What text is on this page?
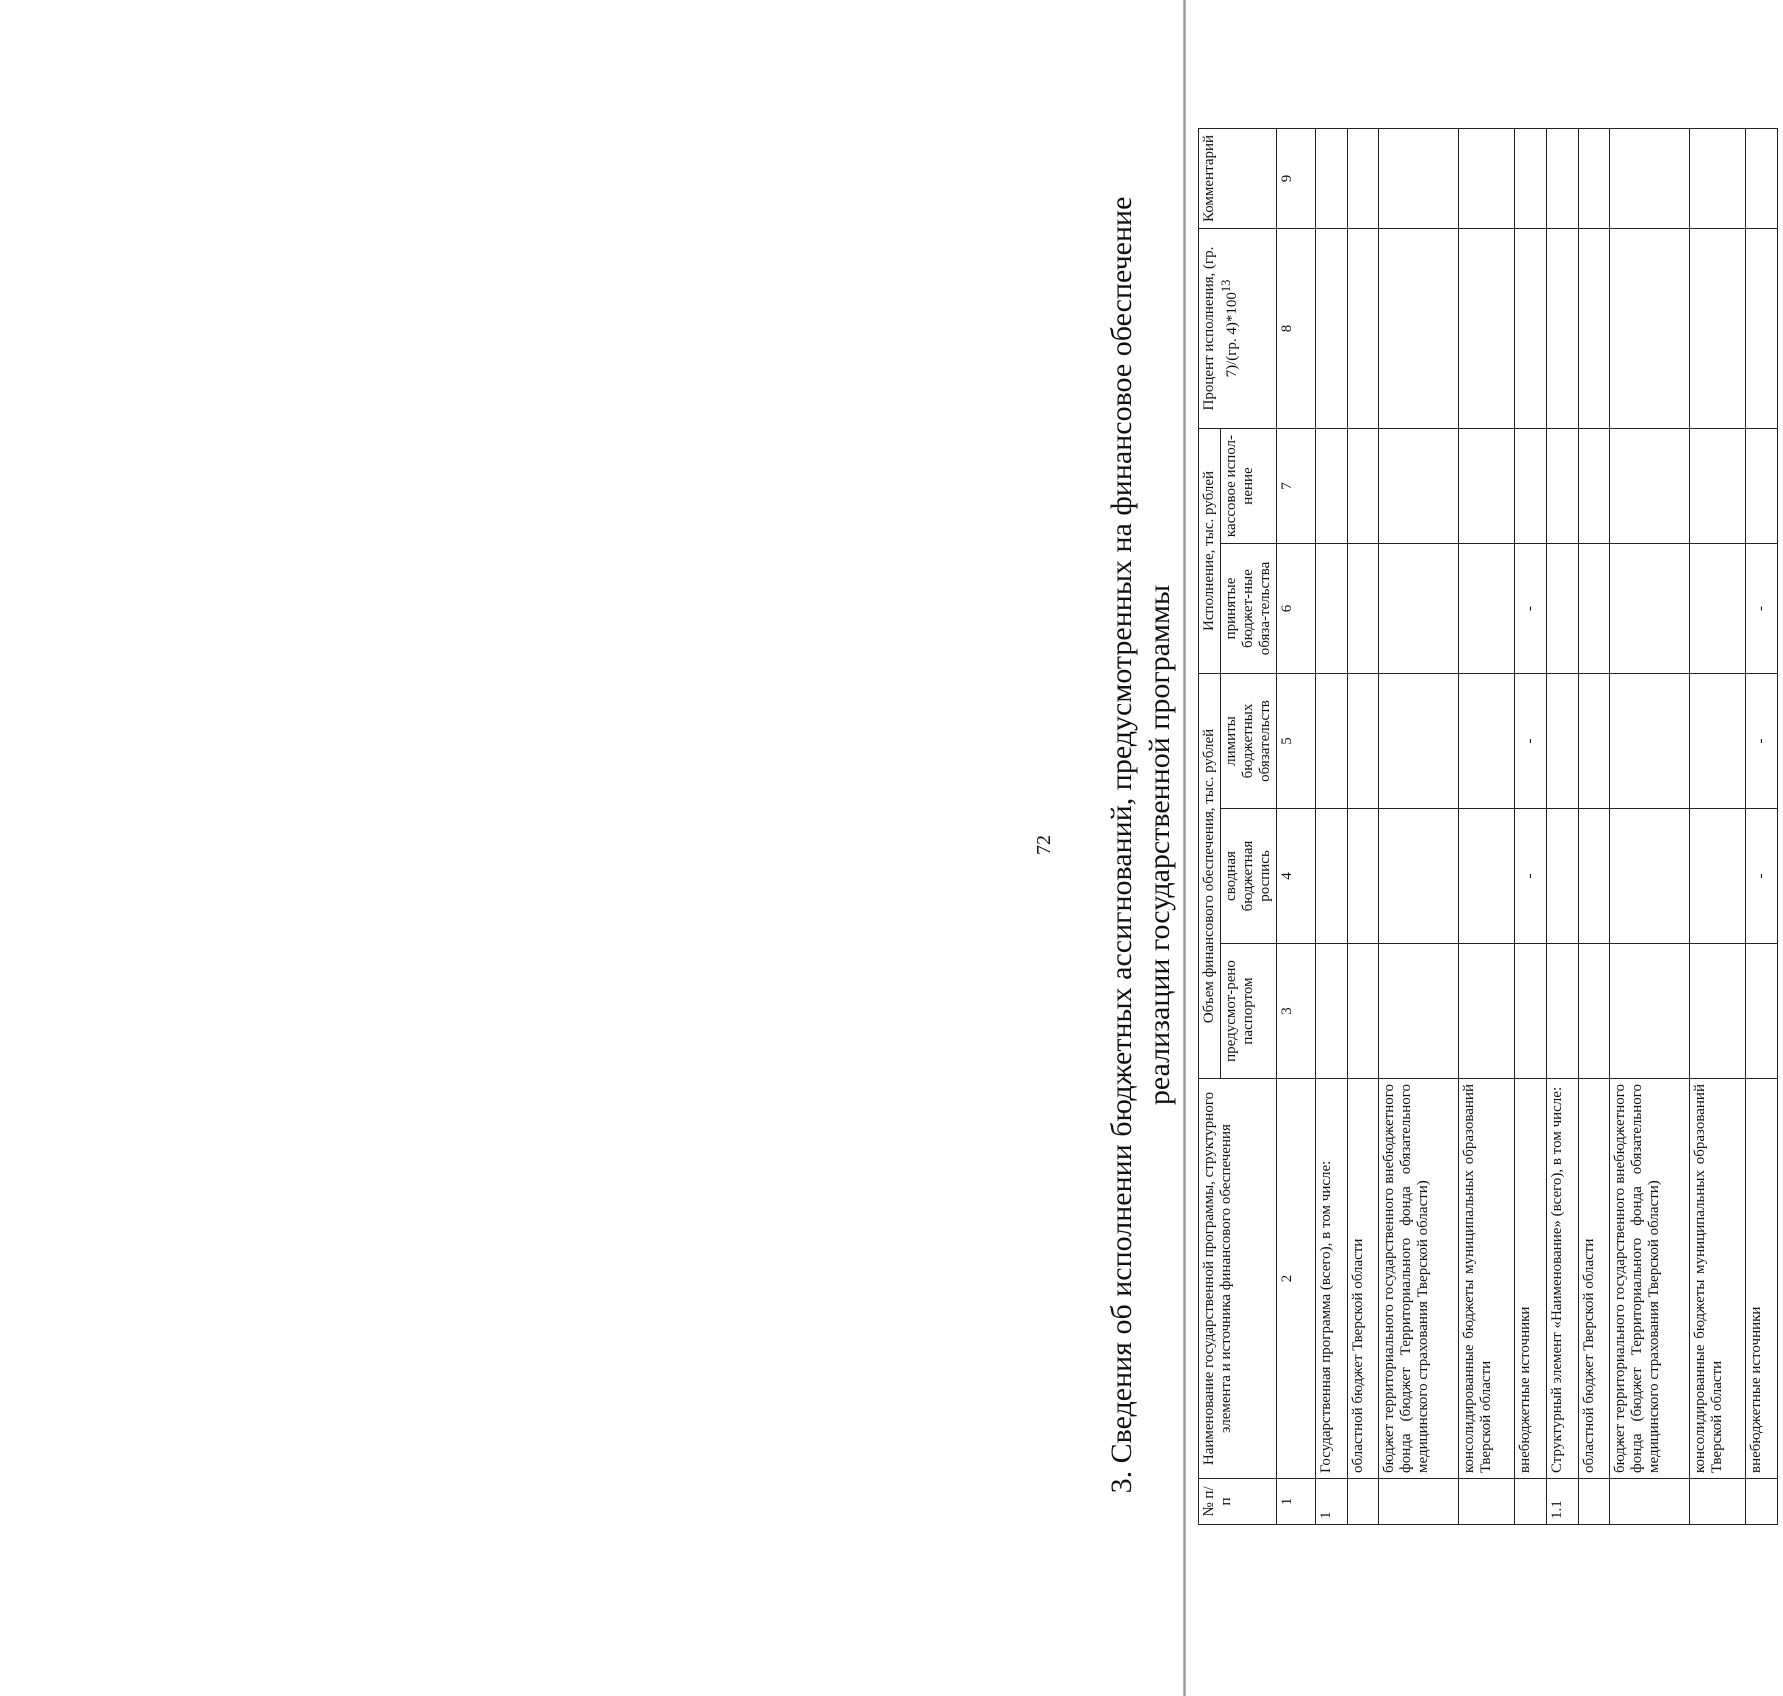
72 3. Сведения об исполнении бюджетных ассигнований, предусмотренных на финансовое обеспечение реализации государственной программы
№ п/п	Наименование государственной программы, структурного элемента и источника финансового обеспечения	Объем финансового обеспечения, тыс. рублей			Исполнение, тыс. рублей		Процент исполнения, (гр. 7)/(гр. $4)*100^{13}$	Комментарий
		предусмот-рено паспортом	сводная бюджетная роспись	лимиты бюджетных обязательств	принятые бюджет-ные обяза-тельства	кассовое испол-нение		
1	2	3	4	5	6	7	8	9
1	Государственная программа (всего), в том числе:							
	областной бюджет Тверской области							
	бюджет территориального государственного внебюджетного фонда (бюджет Территориального фонда обязательного медицинского страхования Тверской области)							
	консолидированные бюджеты муниципальных образований Тверской области							
	внебюджетные источники		-	-	-			
1.1	Структурный элемент «Наименование» (всего), в том числе:							
	областной бюджет Тверской области							
	бюджет территориального государственного внебюджетного фонда (бюджет Территориального фонда обязательного медицинского страхования Тверской области)							
	консолидированные бюджеты муниципальных образований Тверской области							
	внебюджетные источники		-	-	-			
